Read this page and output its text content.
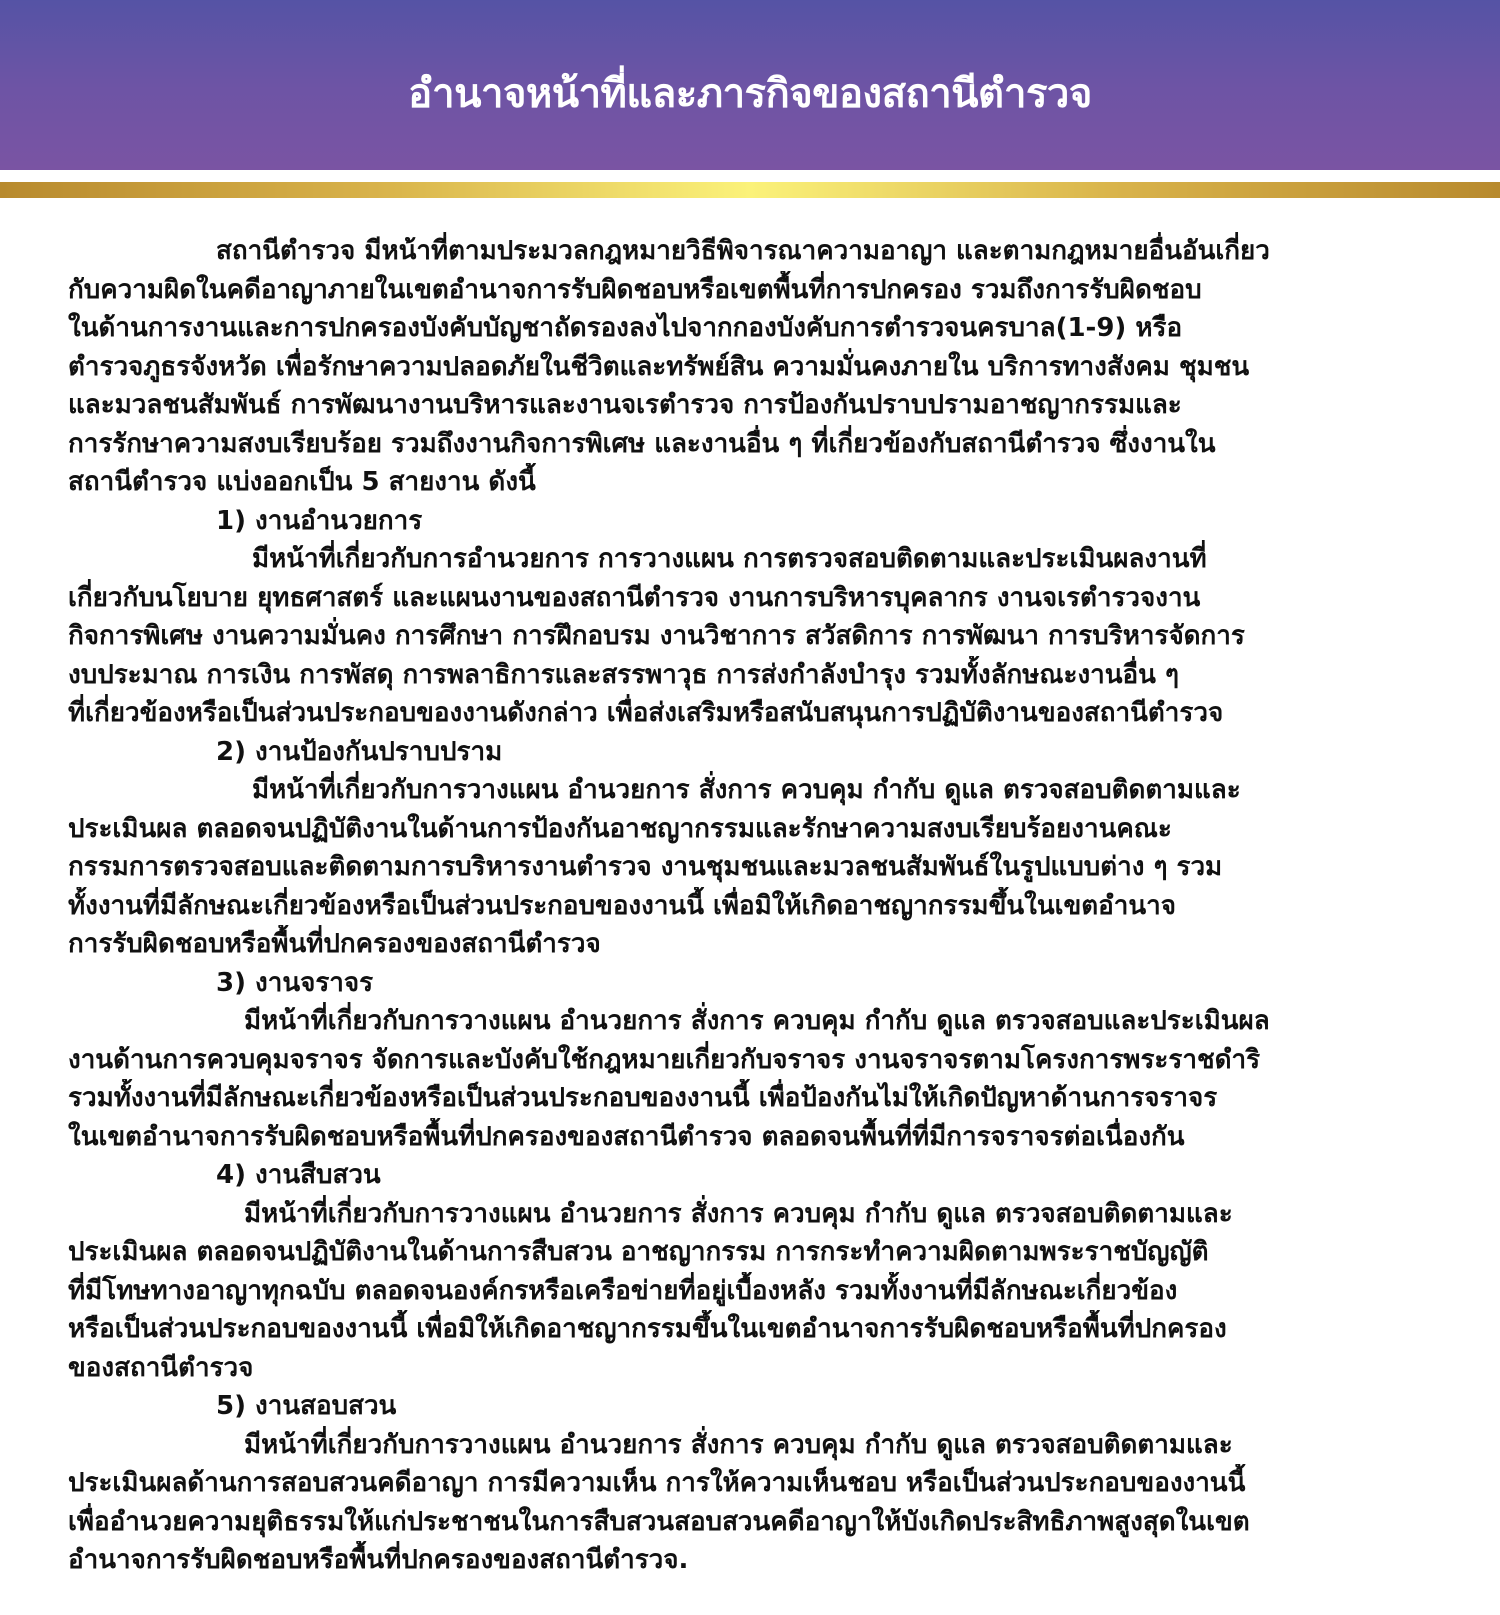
อำนาจหน้าที่และภารกิจของสถานีตำรวจ
สถานีตำรวจ มีหน้าที่ตามประมวลกฎหมายวิธีพิจารณาความอาญา และตามกฎหมายอื่นอันเกี่ยว
กับความผิดในคดีอาญาภายในเขตอำนาจการรับผิดชอบหรือเขตพื้นที่การปกครอง รวมถึงการรับผิดชอบ
ในด้านการงานและการปกครองบังคับบัญชาถัดรองลงไปจากกองบังคับการตำรวจนครบาล(1-9) หรือ
ตำรวจภูธรจังหวัด เพื่อรักษาความปลอดภัยในชีวิตและทรัพย์สิน ความมั่นคงภายใน บริการทางสังคม ชุมชน
และมวลชนสัมพันธ์ การพัฒนางานบริหารและงานจเรตำรวจ การป้องกันปราบปรามอาชญากรรมและ
การรักษาความสงบเรียบร้อย รวมถึงงานกิจการพิเศษ และงานอื่น ๆ ที่เกี่ยวข้องกับสถานีตำรวจ ซึ่งงานใน
สถานีตำรวจ แบ่งออกเป็น 5 สายงาน ดังนี้
1) งานอำนวยการ
มีหน้าที่เกี่ยวกับการอำนวยการ การวางแผน การตรวจสอบติดตามและประเมินผลงานที่
เกี่ยวกับนโยบาย ยุทธศาสตร์ และแผนงานของสถานีตำรวจ งานการบริหารบุคลากร งานจเรตำรวจงาน
กิจการพิเศษ งานความมั่นคง การศึกษา การฝึกอบรม งานวิชาการ สวัสดิการ การพัฒนา การบริหารจัดการ
งบประมาณ การเงิน การพัสดุ การพลาธิการและสรรพาวุธ การส่งกำลังบำรุง รวมทั้งลักษณะงานอื่น ๆ
ที่เกี่ยวข้องหรือเป็นส่วนประกอบของงานดังกล่าว เพื่อส่งเสริมหรือสนับสนุนการปฏิบัติงานของสถานีตำรวจ
2) งานป้องกันปราบปราม
มีหน้าที่เกี่ยวกับการวางแผน อำนวยการ สั่งการ ควบคุม กำกับ ดูแล ตรวจสอบติดตามและ
ประเมินผล ตลอดจนปฏิบัติงานในด้านการป้องกันอาชญากรรมและรักษาความสงบเรียบร้อยงานคณะ
กรรมการตรวจสอบและติดตามการบริหารงานตำรวจ งานชุมชนและมวลชนสัมพันธ์ในรูปแบบต่าง ๆ รวม
ทั้งงานที่มีลักษณะเกี่ยวข้องหรือเป็นส่วนประกอบของงานนี้ เพื่อมิให้เกิดอาชญากรรมขึ้นในเขตอำนาจ
การรับผิดชอบหรือพื้นที่ปกครองของสถานีตำรวจ
3) งานจราจร
มีหน้าที่เกี่ยวกับการวางแผน อำนวยการ สั่งการ ควบคุม กำกับ ดูแล ตรวจสอบและประเมินผล
งานด้านการควบคุมจราจร จัดการและบังคับใช้กฎหมายเกี่ยวกับจราจร งานจราจรตามโครงการพระราชดำริ
รวมทั้งงานที่มีลักษณะเกี่ยวข้องหรือเป็นส่วนประกอบของงานนี้ เพื่อป้องกันไม่ให้เกิดปัญหาด้านการจราจร
ในเขตอำนาจการรับผิดชอบหรือพื้นที่ปกครองของสถานีตำรวจ ตลอดจนพื้นที่ที่มีการจราจรต่อเนื่องกัน
4) งานสืบสวน
มีหน้าที่เกี่ยวกับการวางแผน อำนวยการ สั่งการ ควบคุม กำกับ ดูแล ตรวจสอบติดตามและ
ประเมินผล ตลอดจนปฏิบัติงานในด้านการสืบสวน อาชญากรรม การกระทำความผิดตามพระราชบัญญัติ
ที่มีโทษทางอาญาทุกฉบับ ตลอดจนองค์กรหรือเครือข่ายที่อยู่เบื้องหลัง รวมทั้งงานที่มีลักษณะเกี่ยวข้อง
หรือเป็นส่วนประกอบของงานนี้ เพื่อมิให้เกิดอาชญากรรมขึ้นในเขตอำนาจการรับผิดชอบหรือพื้นที่ปกครอง
ของสถานีตำรวจ
5) งานสอบสวน
มีหน้าที่เกี่ยวกับการวางแผน อำนวยการ สั่งการ ควบคุม กำกับ ดูแล ตรวจสอบติดตามและ
ประเมินผลด้านการสอบสวนคดีอาญา การมีความเห็น การให้ความเห็นชอบ หรือเป็นส่วนประกอบของงานนี้
เพื่ออำนวยความยุติธรรมให้แก่ประชาชนในการสืบสวนสอบสวนคดีอาญาให้บังเกิดประสิทธิภาพสูงสุดในเขต
อำนาจการรับผิดชอบหรือพื้นที่ปกครองของสถานีตำรวจ.
